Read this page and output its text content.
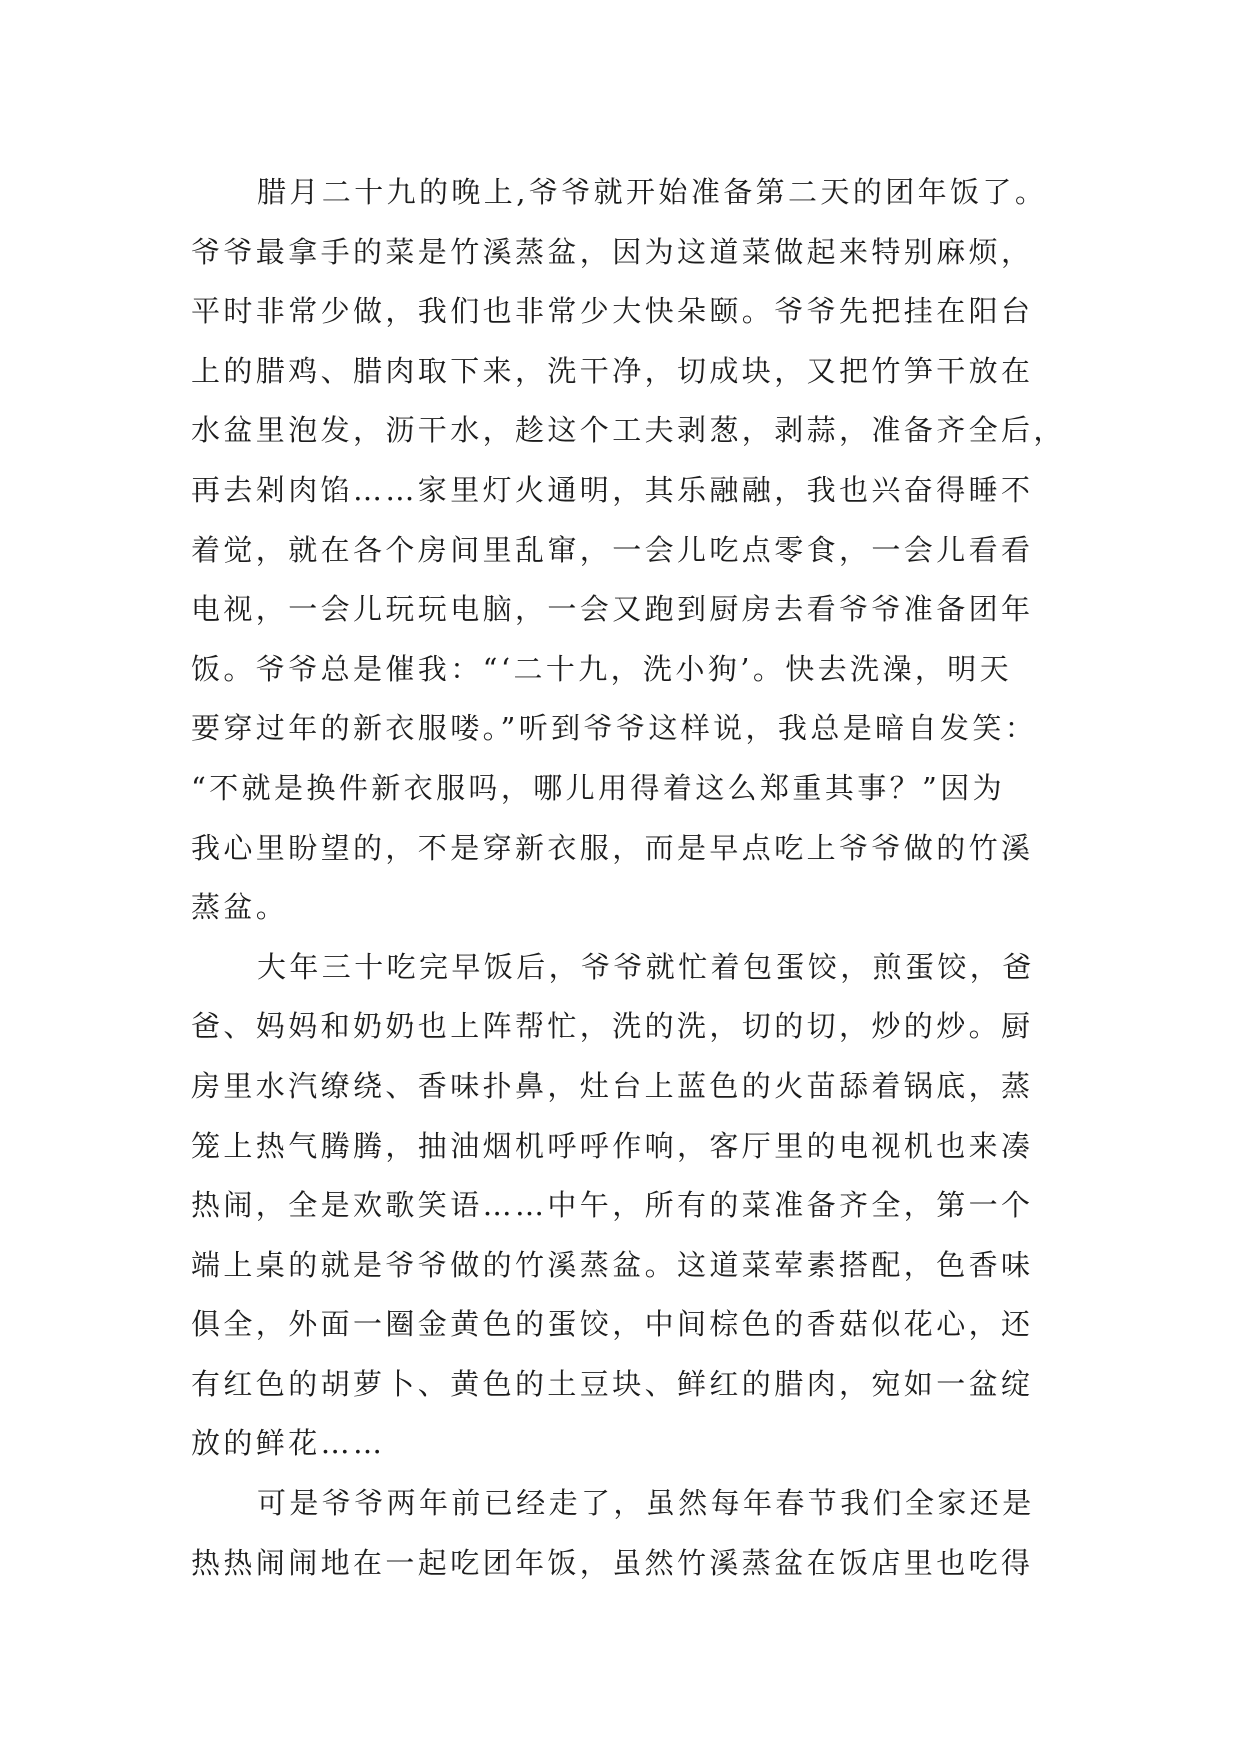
腊月二十九的晚上,爷爷就开始准备第二天的团年饭了。
爷爷最拿手的菜是竹溪蒸盆，因为这道菜做起来特别麻烦，
平时非常少做，我们也非常少大快朵颐。爷爷先把挂在阳台
上的腊鸡、腊肉取下来，洗干净，切成块，又把竹笋干放在
水盆里泡发，沥干水，趁这个工夫剥葱，剥蒜，准备齐全后，
再去剁肉馅……家里灯火通明，其乐融融，我也兴奋得睡不
着觉，就在各个房间里乱窜，一会儿吃点零食，一会儿看看
电视，一会儿玩玩电脑，一会又跑到厨房去看爷爷准备团年
饭。爷爷总是催我：“‘二十九，洗小狗’。快去洗澡，明天
要穿过年的新衣服喽。”听到爷爷这样说，我总是暗自发笑：
“不就是换件新衣服吗，哪儿用得着这么郑重其事？”因为
我心里盼望的，不是穿新衣服，而是早点吃上爷爷做的竹溪
蒸盆。
大年三十吃完早饭后，爷爷就忙着包蛋饺，煎蛋饺，爸
爸、妈妈和奶奶也上阵帮忙，洗的洗，切的切，炒的炒。厨
房里水汽缭绕、香味扑鼻，灶台上蓝色的火苗舔着锅底，蒸
笼上热气腾腾，抽油烟机呼呼作响，客厅里的电视机也来凑
热闹，全是欢歌笑语……中午，所有的菜准备齐全，第一个
端上桌的就是爷爷做的竹溪蒸盆。这道菜荤素搭配，色香味
俱全，外面一圈金黄色的蛋饺，中间棕色的香菇似花心，还
有红色的胡萝卜、黄色的土豆块、鲜红的腊肉，宛如一盆绽
放的鲜花……
可是爷爷两年前已经走了，虽然每年春节我们全家还是
热热闹闹地在一起吃团年饭，虽然竹溪蒸盆在饭店里也吃得
